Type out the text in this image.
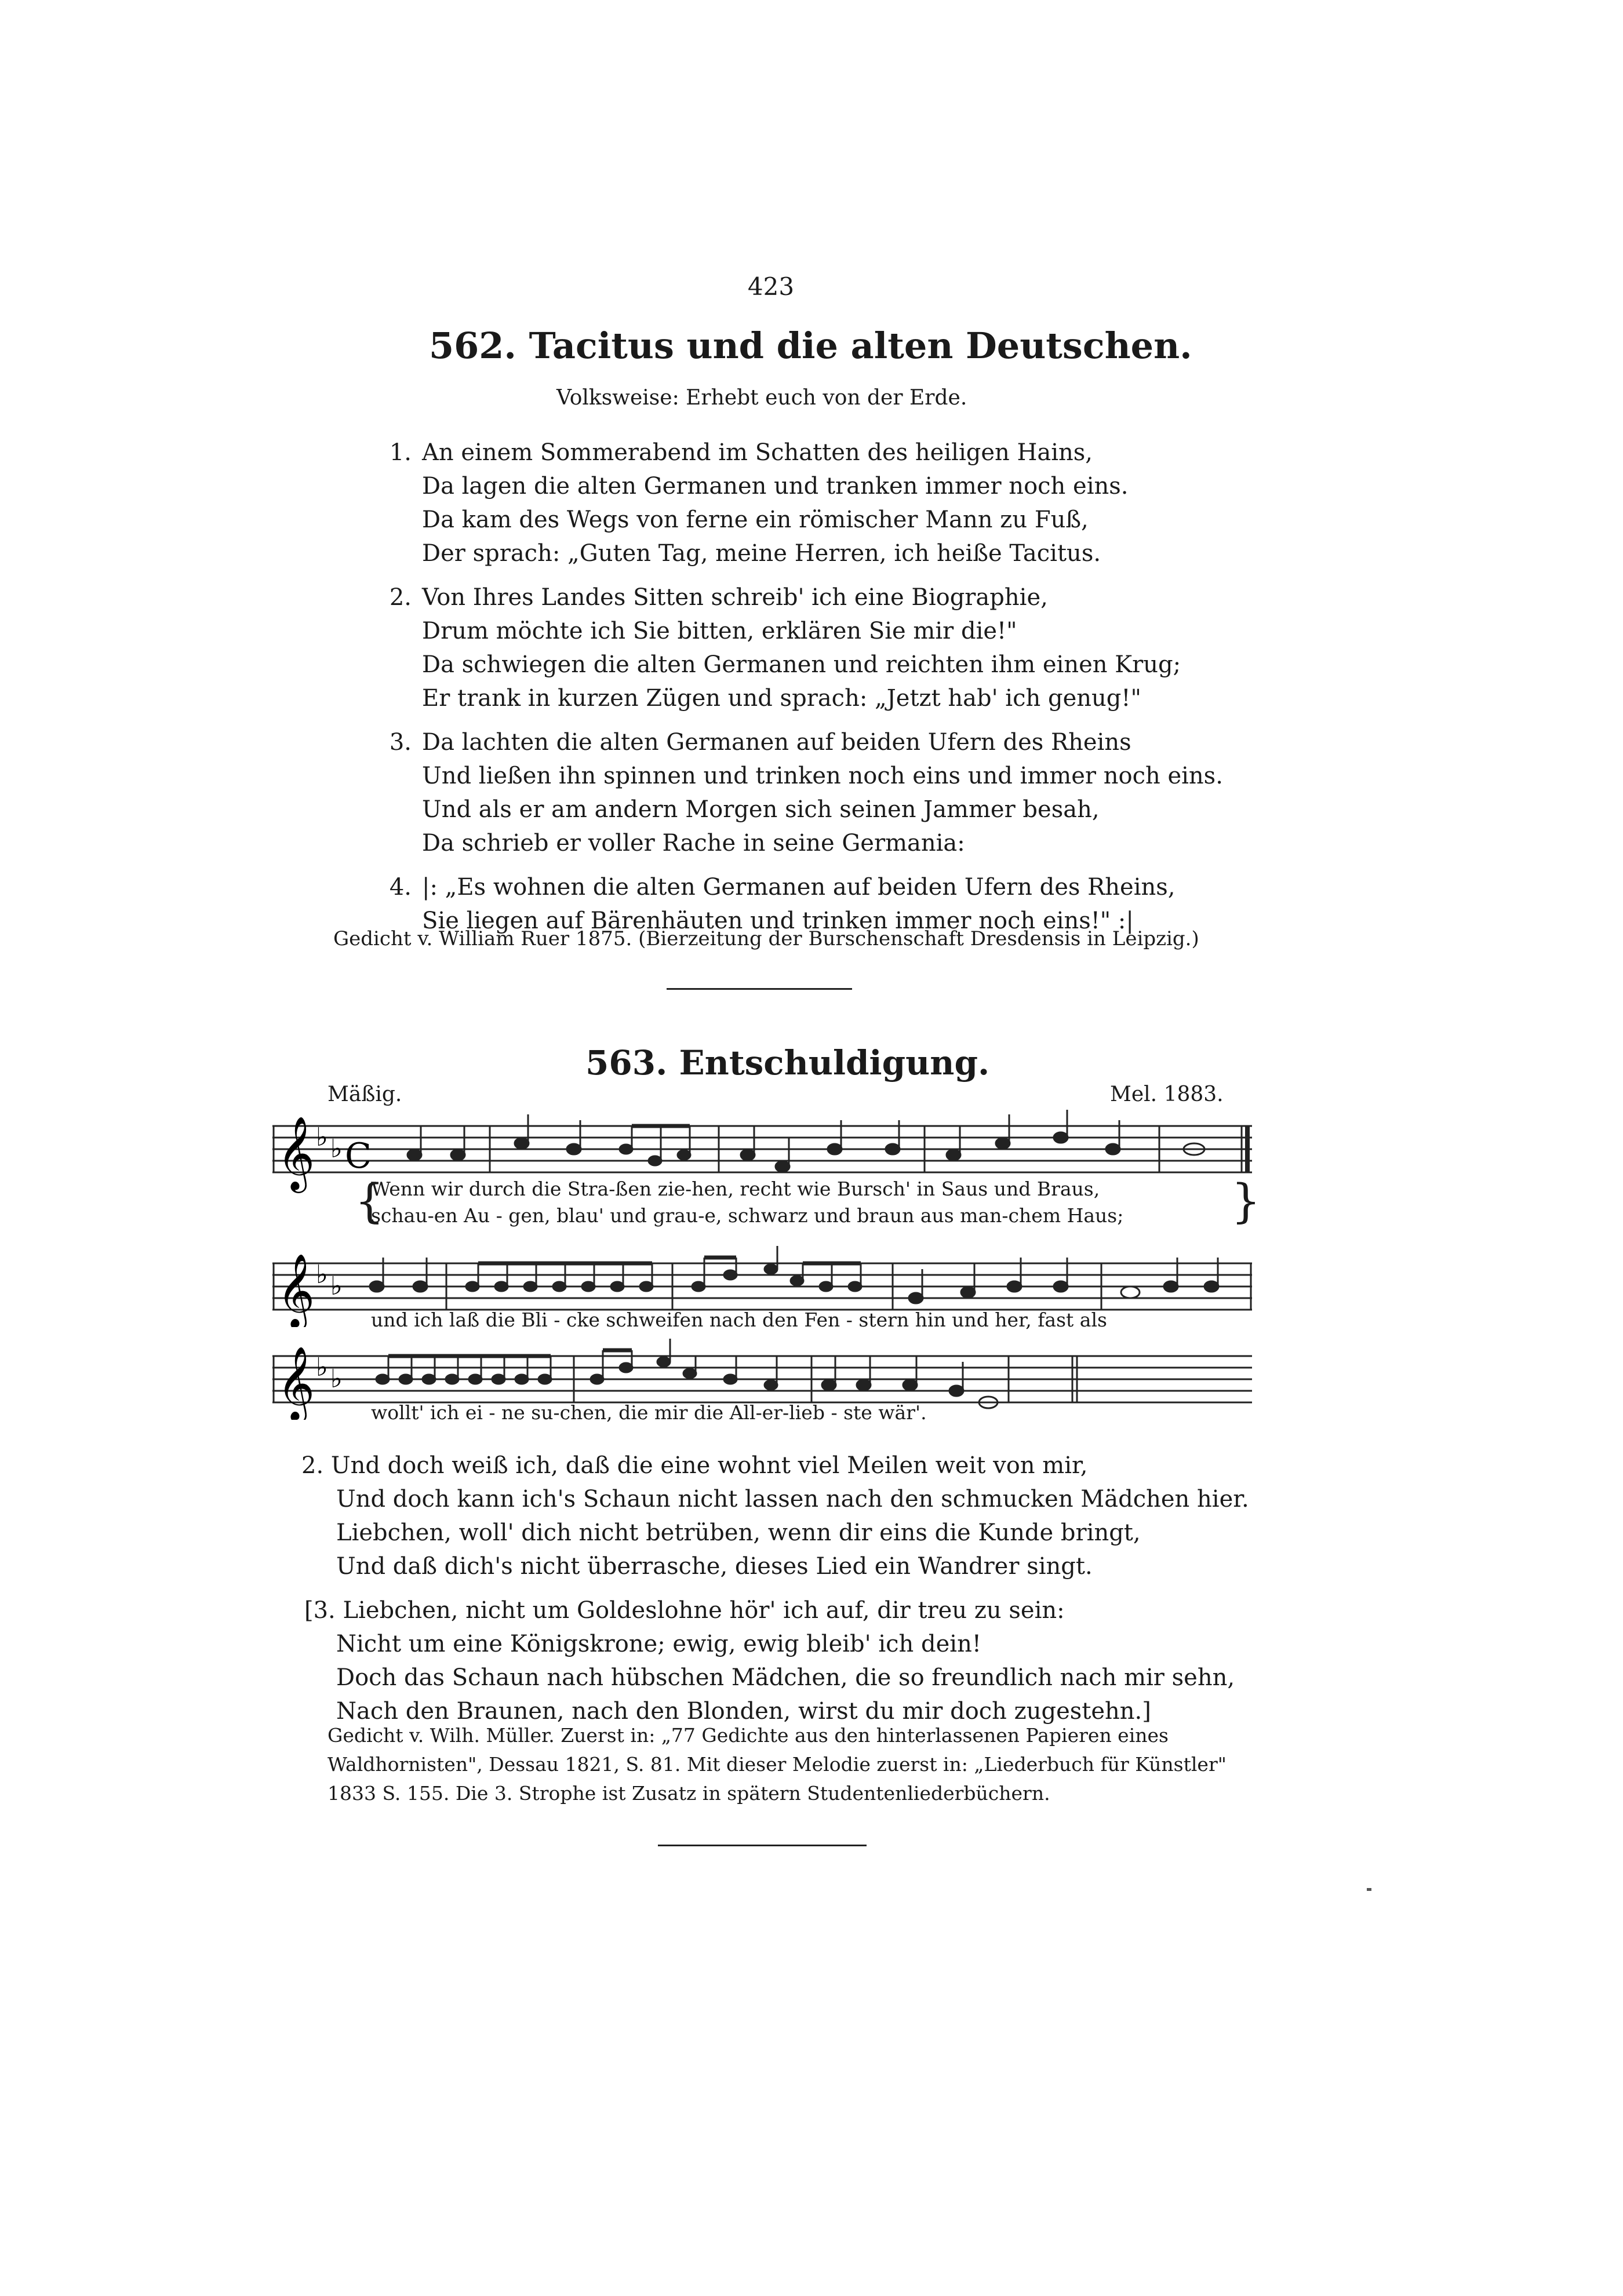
423
562. Tacitus und die alten Deutschen.
Volksweise: Erhebt euch von der Erde.
1. An einem Sommerabend im Schatten des heiligen Hains,
Da lagen die alten Germanen und tranken immer noch eins.
Da kam des Wegs von ferne ein römischer Mann zu Fuß,
Der sprach: „Guten Tag, meine Herren, ich heiße Tacitus.
2. Von Ihres Landes Sitten schreib' ich eine Biographie,
Drum möchte ich Sie bitten, erklären Sie mir die!"
Da schwiegen die alten Germanen und reichten ihm einen Krug;
Er trank in kurzen Zügen und sprach: „Jetzt hab' ich genug!"
3. Da lachten die alten Germanen auf beiden Ufern des Rheins
Und ließen ihn spinnen und trinken noch eins und immer noch eins.
Und als er am andern Morgen sich seinen Jammer besah,
Da schrieb er voller Rache in seine Germania:
4. |: „Es wohnen die alten Germanen auf beiden Ufern des Rheins,
Sie liegen auf Bärenhäuten und trinken immer noch eins!" :|
Gedicht v. William Ruer 1875. (Bierzeitung der Burschenschaft Dresdensis in Leipzig.)
563. Entschuldigung.
Mäßig.	Mel. 1883.
𝄞 ♭ ♭ C
Wenn wir durch die Stra-ßen zie-hen, recht wie Bursch' in Saus und Braus,
schau-en Au - gen, blau' und grau-e, schwarz und braun aus man-chem Haus;
{	}
𝄞 ♭ ♭
und ich laß die Bli - cke schweifen nach den Fen - stern hin und her, fast als
𝄞 ♭ ♭
wollt' ich ei - ne su-chen, die mir die All-er-lieb - ste wär'.
2. Und doch weiß ich, daß die eine wohnt viel Meilen weit von mir,
Und doch kann ich's Schaun nicht lassen nach den schmucken Mädchen hier.
Liebchen, woll' dich nicht betrüben, wenn dir eins die Kunde bringt,
Und daß dich's nicht überrasche, dieses Lied ein Wandrer singt.
[3. Liebchen, nicht um Goldeslohne hör' ich auf, dir treu zu sein:
Nicht um eine Königskrone; ewig, ewig bleib' ich dein!
Doch das Schaun nach hübschen Mädchen, die so freundlich nach mir sehn,
Nach den Braunen, nach den Blonden, wirst du mir doch zugestehn.]
Gedicht v. Wilh. Müller. Zuerst in: „77 Gedichte aus den hinterlassenen Papieren eines Waldhornisten", Dessau 1821, S. 81. Mit dieser Melodie zuerst in: „Liederbuch für Künstler" 1833 S. 155. Die 3. Strophe ist Zusatz in spätern Studentenliederbüchern.
